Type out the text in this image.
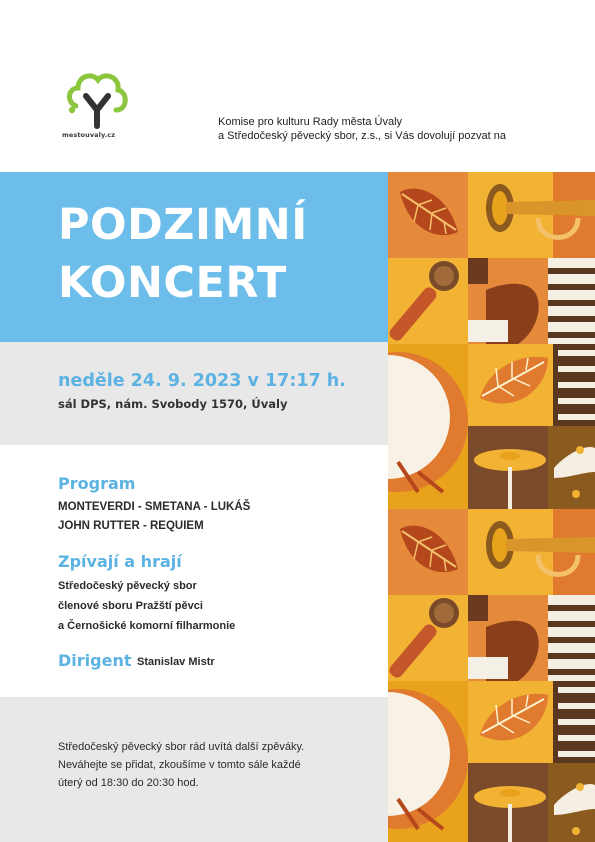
mestouvaly.cz
Komise pro kulturu Rady města Úvaly
a Středočeský pěvecký sbor, z.s., si Vás dovolují pozvat na
PODZIMNÍ
KONCERT
neděle 24. 9. 2023 v 17:17 h.
sál DPS, nám. Svobody 1570, Úvaly
Program
MONTEVERDI - SMETANA - LUKÁŠ
JOHN RUTTER - REQUIEM
Zpívají a hrají
Středočeský pěvecký sbor
členové sboru Pražští pěvci
a Černošické komorní filharmonie
Dirigent Stanislav Mistr
Středočeský pěvecký sbor rád uvítá další zpěváky.
Neváhejte se přidat, zkoušíme v tomto sále každé
úterý od 18:30 do 20:30 hod.
